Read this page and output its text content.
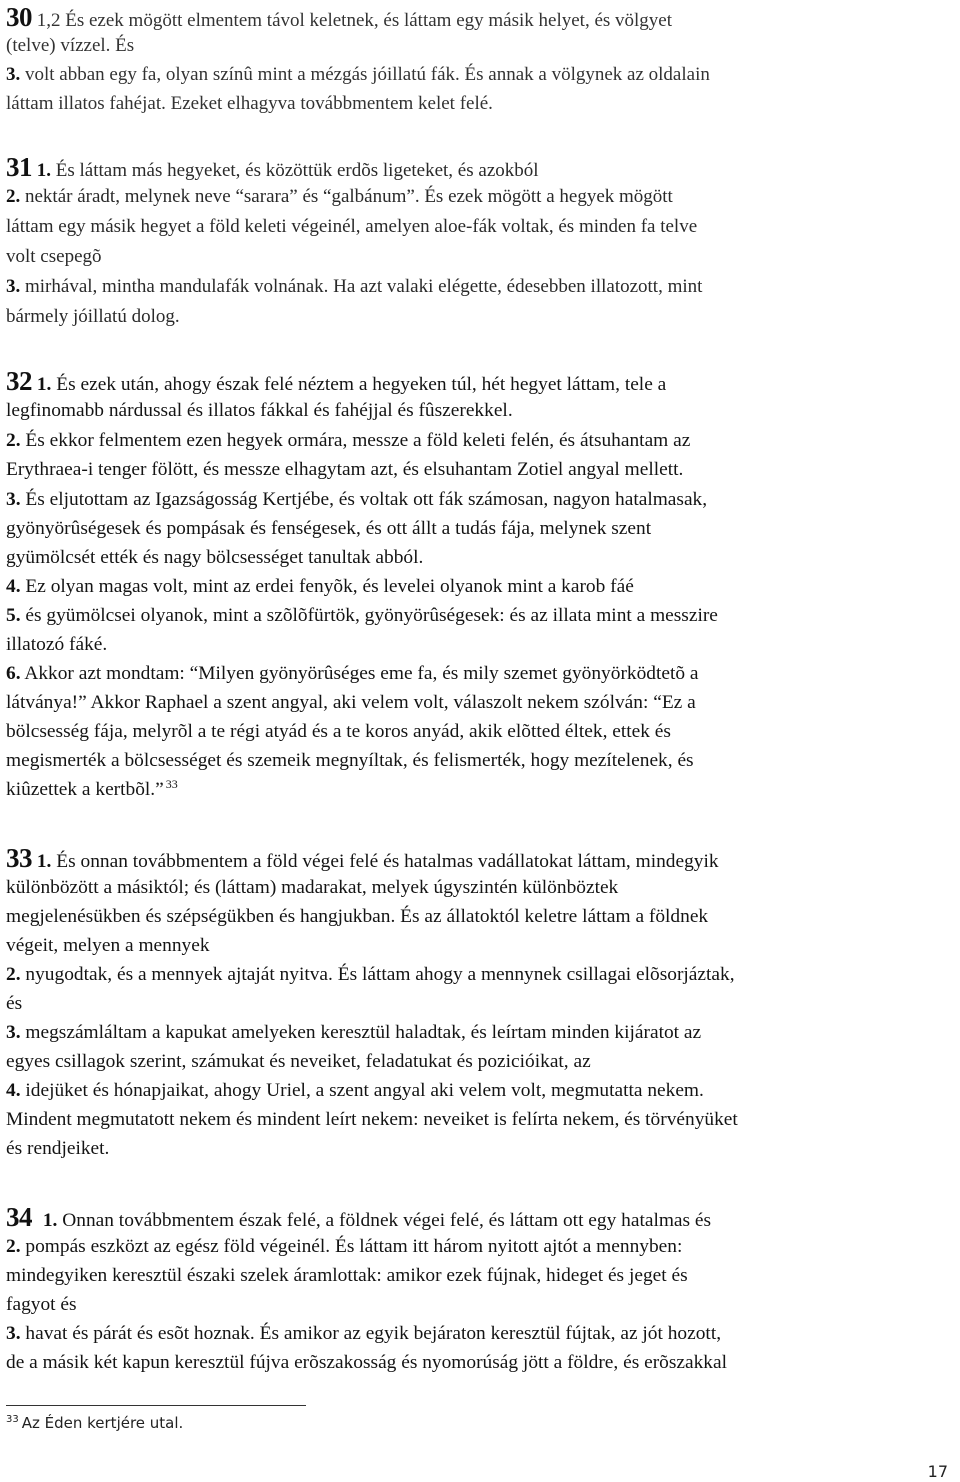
30 1,2 És ezek mögött elmentem távol keletnek, és láttam egy másik helyet, és völgyet
(telve) vízzel. És
3. volt abban egy fa, olyan színû mint a mézgás jóillatú fák. És annak a völgynek az oldalain
láttam illatos fahéjat. Ezeket elhagyva továbbmentem kelet felé.
31 1. És láttam más hegyeket, és közöttük erdõs ligeteket, és azokból
2. nektár áradt, melynek neve “sarara” és “galbánum”. És ezek mögött a hegyek mögött
láttam egy másik hegyet a föld keleti végeinél, amelyen aloe-fák voltak, és minden fa telve
volt csepegõ
3. mirhával, mintha mandulafák volnának. Ha azt valaki elégette, édesebben illatozott, mint
bármely jóillatú dolog.
32 1. És ezek után, ahogy észak felé néztem a hegyeken túl, hét hegyet láttam, tele a
legfinomabb nárdussal és illatos fákkal és fahéjjal és fûszerekkel.
2. És ekkor felmentem ezen hegyek ormára, messze a föld keleti felén, és átsuhantam az
Erythraea-i tenger fölött, és messze elhagytam azt, és elsuhantam Zotiel angyal mellett.
3. És eljutottam az Igazságosság Kertjébe, és voltak ott fák számosan, nagyon hatalmasak,
gyönyörûségesek és pompásak és fenségesek, és ott állt a tudás fája, melynek szent
gyümölcsét ették és nagy bölcsességet tanultak abból.
4. Ez olyan magas volt, mint az erdei fenyõk, és levelei olyanok mint a karob fáé
5. és gyümölcsei olyanok, mint a szõlõfürtök, gyönyörûségesek: és az illata mint a messzire
illatozó fáké.
6. Akkor azt mondtam: “Milyen gyönyörûséges eme fa, és mily szemet gyönyörködtetõ a
látványa!” Akkor Raphael a szent angyal, aki velem volt, válaszolt nekem szólván: “Ez a
bölcsesség fája, melyrõl a te régi atyád és a te koros anyád, akik elõtted éltek, ettek és
megismerték a bölcsességet és szemeik megnyíltak, és felismerték, hogy mezítelenek, és
kiûzettek a kertbõl.” $^{33}$
33 1. És onnan továbbmentem a föld végei felé és hatalmas vadállatokat láttam, mindegyik
különbözött a másiktól; és (láttam) madarakat, melyek úgyszintén különböztek
megjelenésükben és szépségükben és hangjukban. És az állatoktól keletre láttam a földnek
végeit, melyen a mennyek
2. nyugodtak, és a mennyek ajtaját nyitva. És láttam ahogy a mennynek csillagai elõsorjáztak,
és
3. megszámláltam a kapukat amelyeken keresztül haladtak, és leírtam minden kijáratot az
egyes csillagok szerint, számukat és neveiket, feladatukat és pozicióikat, az
4. idejüket és hónapjaikat, ahogy Uriel, a szent angyal aki velem volt, megmutatta nekem.
Mindent megmutatott nekem és mindent leírt nekem: neveiket is felírta nekem, és törvényüket
és rendjeiket.
34 1. Onnan továbbmentem észak felé, a földnek végei felé, és láttam ott egy hatalmas és
2. pompás eszközt az egész föld végeinél. És láttam itt három nyitott ajtót a mennyben:
mindegyiken keresztül északi szelek áramlottak: amikor ezek fújnak, hideget és jeget és
fagyot és
3. havat és párát és esõt hoznak. És amikor az egyik bejáraton keresztül fújtak, az jót hozott,
de a másik két kapun keresztül fújva erõszakosság és nyomorúság jött a földre, és erõszakkal
$^{33}$ Az Éden kertjére utal.
17
